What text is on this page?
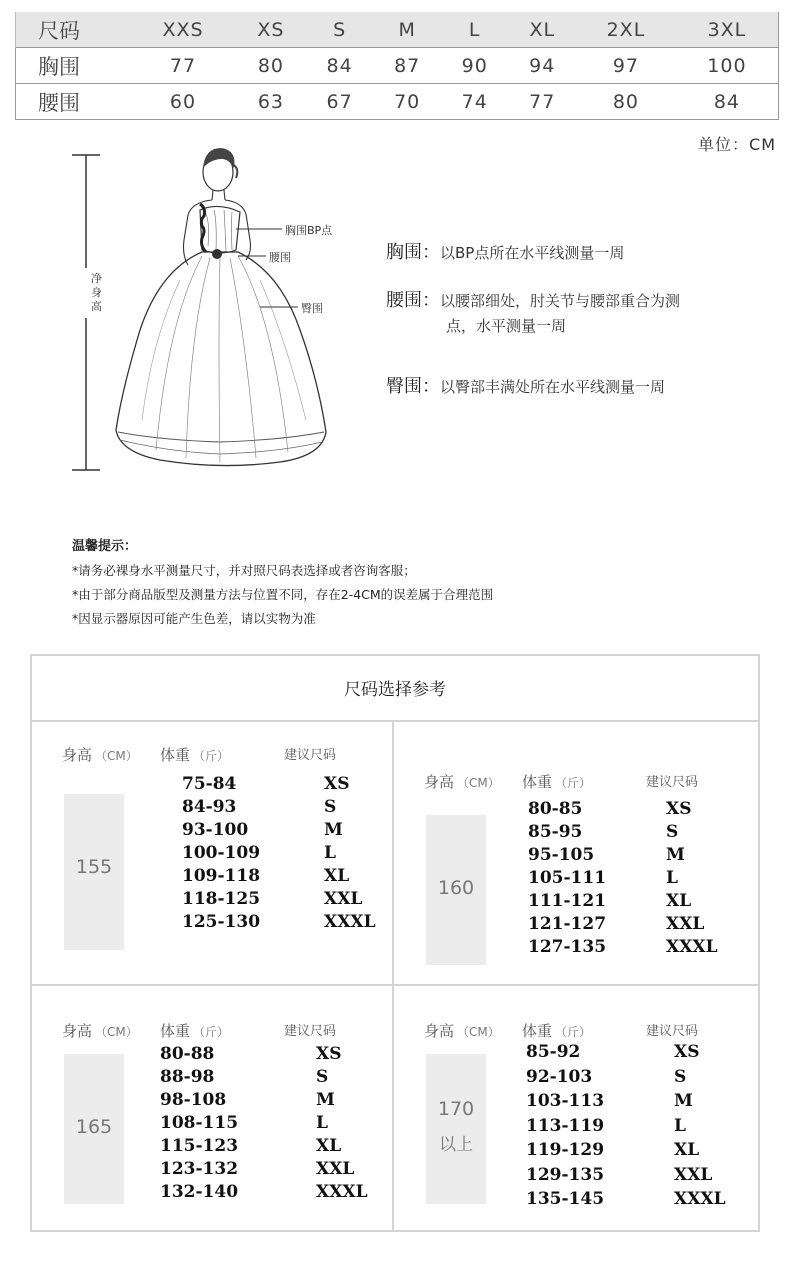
尺码	XXS	XS	S	M	L	XL	2XL	3XL
胸围	77	80	84	87	90	94	97	100
腰围	60	63	67	70	74	77	80	84
单位：CM
净身高
胸围BP点
腰围
臀围
胸围：以BP点所在水平线测量一周
腰围：以腰部细处，肘关节与腰部重合为测
点，水平测量一周
臀围：以臀部丰满处所在水平线测量一周
温馨提示：
*请务必裸身水平测量尺寸，并对照尺码表选择或者咨询客服；
*由于部分商品版型及测量方法与位置不同，存在2-4CM的误差属于合理范围
*因显示器原因可能产生色差，请以实物为准
尺码选择参考
身高 （CM） 体重 （斤）	建议尺码
155
75-84	XS
84-93	S
93-100	M
100-109	L
109-118	XL
118-125	XXL
125-130	XXXL
身高 （CM） 体重 （斤）	建议尺码
160
80-85	XS
85-95	S
95-105	M
105-111	L
111-121	XL
121-127	XXL
127-135	XXXL
身高 （CM） 体重 （斤）	建议尺码
165
80-88	XS
88-98	S
98-108	M
108-115	L
115-123	XL
123-132	XXL
132-140	XXXL
身高 （CM） 体重 （斤）	建议尺码
170
以上
85-92	XS
92-103	S
103-113	M
113-119	L
119-129	XL
129-135	XXL
135-145	XXXL
